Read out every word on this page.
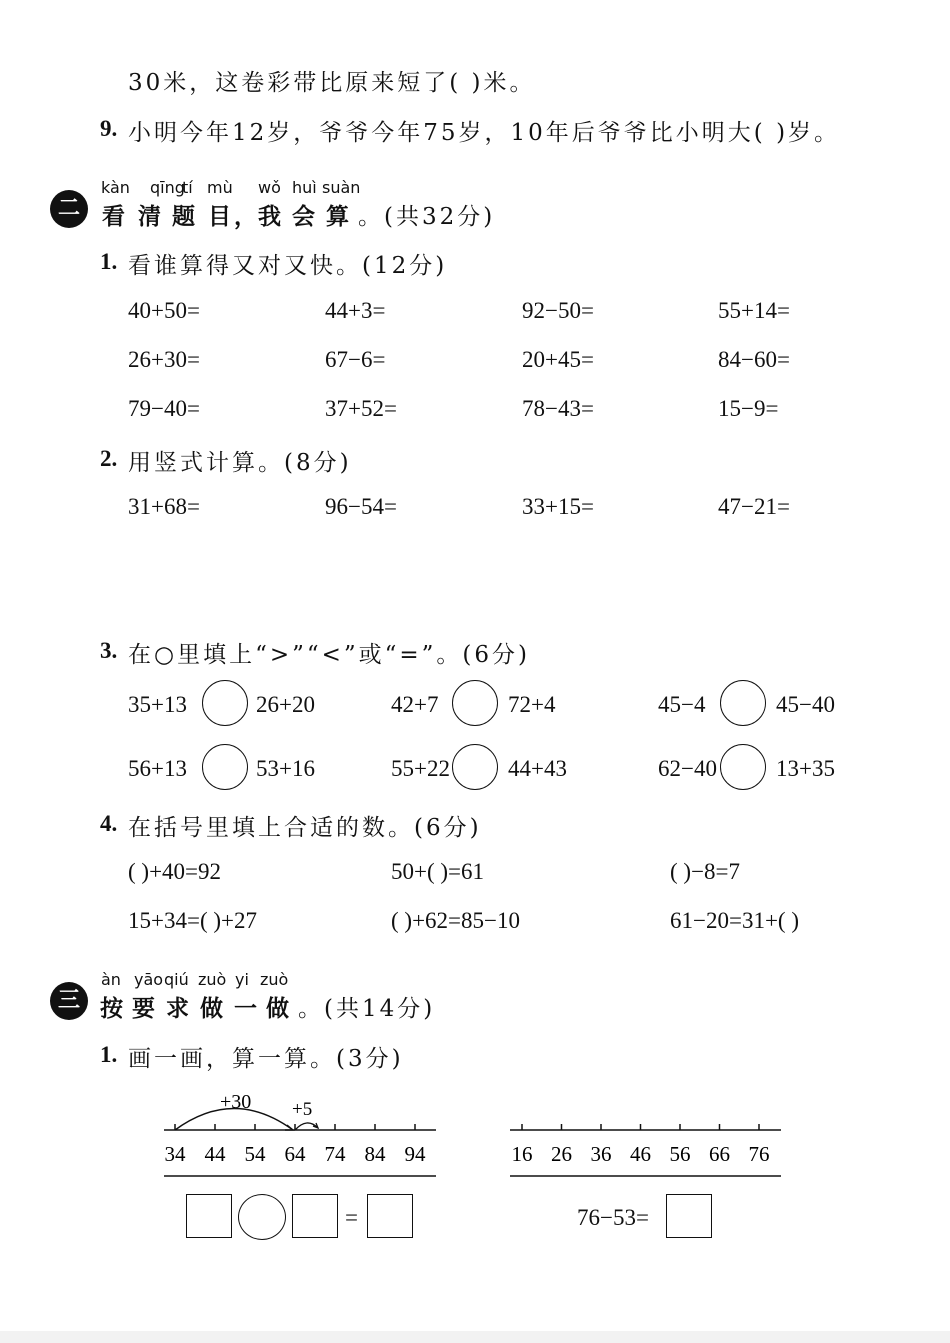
30米，这卷彩带比原来短了( )米。
9. 小明今年12岁，爷爷今年75岁，10年后爷爷比小明大( )岁。
二
kàn qīng
tí mù wǒ huì suàn
看 清 题 目 ， 我 会 算 。(共32分)
1. 看谁算得又对又快。(12分)
40+50=	44+3=	92−50=	55+14=
26+30=	67−6=	20+45=	84−60=
79−40=	37+52=	78−43=	15−9=
2. 用竖式计算。(8分)
31+68=	96−54=	33+15=	47−21=
3. 在○里填上“>”“<”或“=”。(6分)
35+13	26+20	42+7	72+4	45−4	45−40
56+13	53+16	55+22	44+43	62−40	13+35
4. 在括号里填上合适的数。(6分)
( )+40=92	50+( )=61	( )−8=7
15+34=( )+27	( )+62=85−10	61−20=31+( )
三
àn yāo qiú zuò yi zuò
按 要 求 做 一 做 。(共14分)
1. 画一画，算一算。(3分)
34 44 54 64 74 84 94
+30 +5
=
16 26 36 46 56 66 76
76−53=
